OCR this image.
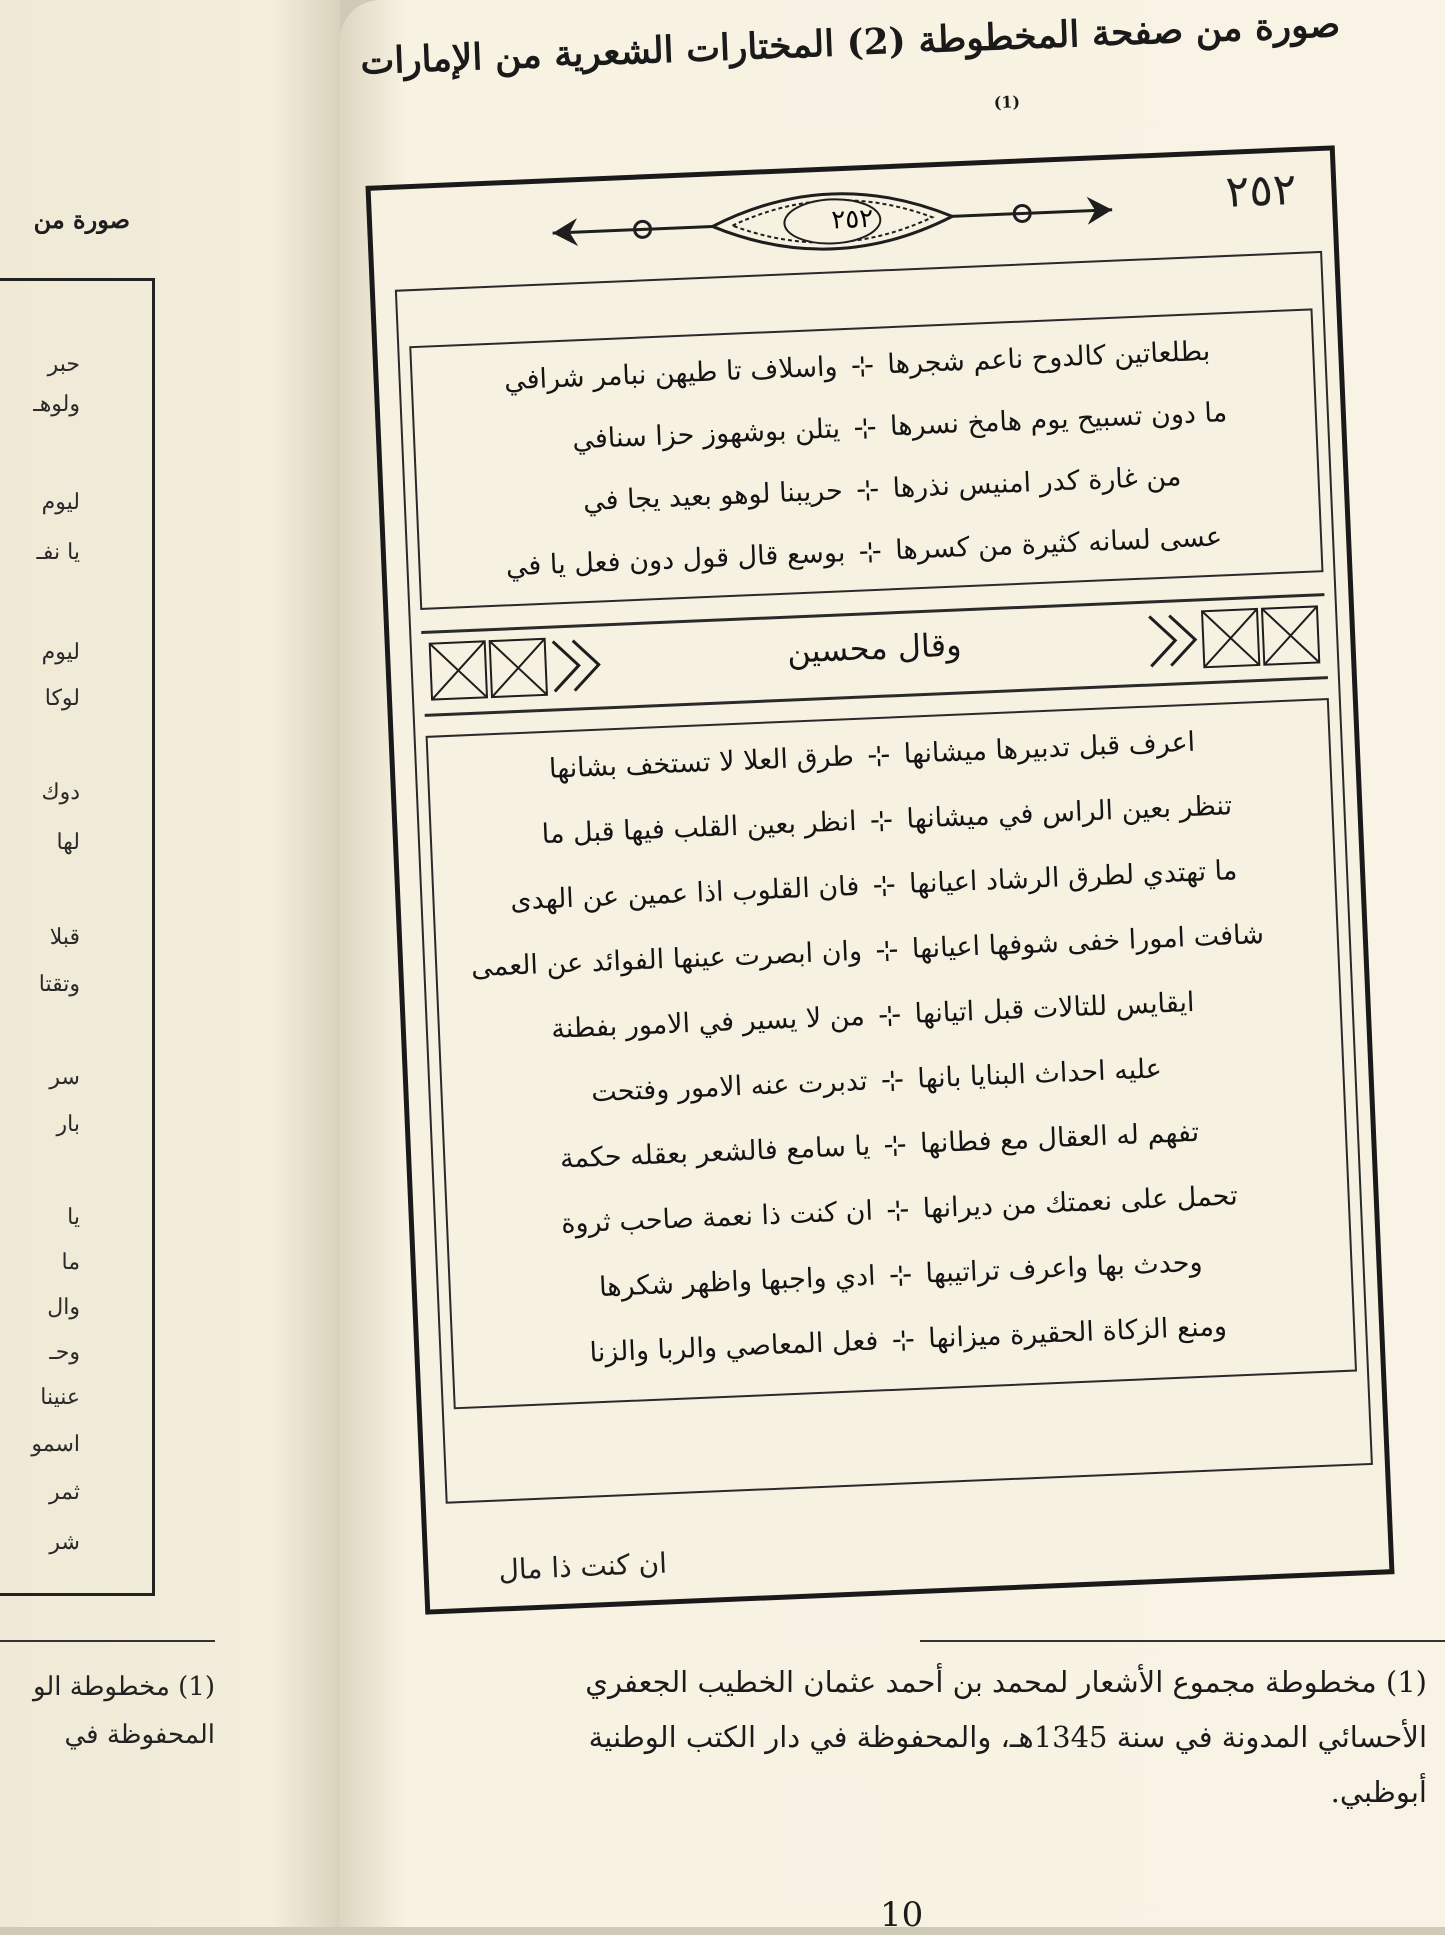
صورة من
حبر
ولوهـ
ليوم
يا نفـ
ليوم
لوكا
دوك
لها
قبلا
وتقتا
سر
بار
يا
ما
وال
وحـ
عنينا
اسمو
ثمر
شر
(1) مخطوطة الو
المحفوظة في
صورة من صفحة المخطوطة (2) المختارات الشعرية من الإمارات
$^{(1)}$
٢٥٢
٢٥٢
واسلاف تا طيهن نبامر شرافي ⊹ بطلعاتين كالدوح ناعم شجرها
يتلن بوشهوز حزا سنافي ⊹ ما دون تسبيح يوم هامخ نسرها
حريبنا لوهو بعيد يجا في ⊹ من غارة كدر امنيس نذرها
بوسع قال قول دون فعل يا في ⊹ عسى لسانه كثيرة من كسرها
وقال محسين
طرق العلا لا تستخف بشانها ⊹ اعرف قبل تدبيرها ميشانها
انظر بعين القلب فيها قبل ما ⊹ تنظر بعين الراس في ميشانها
فان القلوب اذا عمين عن الهدى ⊹ ما تهتدي لطرق الرشاد اعيانها
وان ابصرت عينها الفوائد عن العمى ⊹ شافت امورا خفى شوفها اعيانها
من لا يسير في الامور بفطنة ⊹ ايقايس للتالات قبل اتيانها
تدبرت عنه الامور وفتحت ⊹ عليه احداث البنايا بانها
يا سامع فالشعر بعقله حكمة ⊹ تفهم له العقال مع فطانها
ان كنت ذا نعمة صاحب ثروة ⊹ تحمل على نعمتك من ديرانها
ادي واجبها واظهر شكرها ⊹ وحدث بها واعرف تراتيبها
فعل المعاصي والربا والزنا ⊹ ومنع الزكاة الحقيرة ميزانها
ان كنت ذا مال
(1) مخطوطة مجموع الأشعار لمحمد بن أحمد عثمان الخطيب الجعفري
الأحسائي المدونة في سنة 1345هـ، والمحفوظة في دار الكتب الوطنية
أبوظبي.
10
